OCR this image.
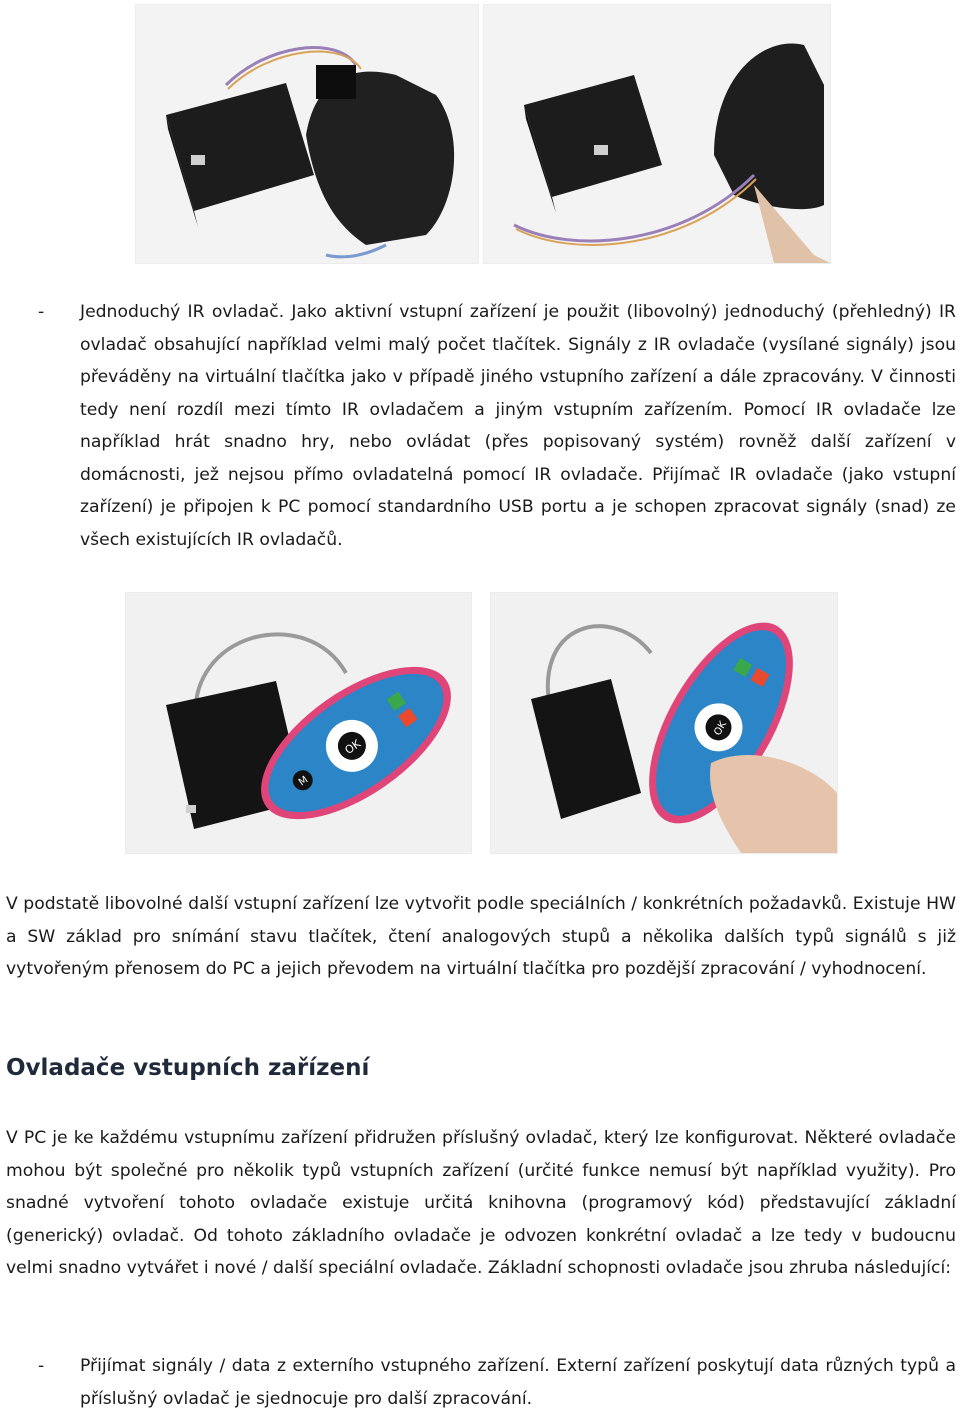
- Jednoduchý IR ovladač. Jako aktivní vstupní zařízení je použit (libovolný) jednoduchý (přehledný) IR ovladač obsahující například velmi malý počet tlačítek. Signály z IR ovladače (vysílané signály) jsou převáděny na virtuální tlačítka jako v případě jiného vstupního zařízení a dále zpracovány. V činnosti tedy není rozdíl mezi tímto IR ovladačem a jiným vstupním zařízením. Pomocí IR ovladače lze například hrát snadno hry, nebo ovládat (přes popisovaný systém) rovněž další zařízení v domácnosti, jež nejsou přímo ovladatelná pomocí IR ovladače. Přijímač IR ovladače (jako vstupní zařízení) je připojen k PC pomocí standardního USB portu a je schopen zpracovat signály (snad) ze všech existujících IR ovladačů.

OK
M
OK

V podstatě libovolné další vstupní zařízení lze vytvořit podle speciálních / konkrétních požadavků. Existuje HW a SW základ pro snímání stavu tlačítek, čtení analogových stupů a několika dalších typů signálů s již vytvořeným přenosem do PC a jejich převodem na virtuální tlačítka pro pozdější zpracování / vyhodnocení.

Ovladače vstupních zařízení

V PC je ke každému vstupnímu zařízení přidružen příslušný ovladač, který lze konfigurovat. Některé ovladače mohou být společné pro několik typů vstupních zařízení (určité funkce nemusí být například využity). Pro snadné vytvoření tohoto ovladače existuje určitá knihovna (programový kód) představující základní (generický) ovladač. Od tohoto základního ovladače je odvozen konkrétní ovladač a lze tedy v budoucnu velmi snadno vytvářet i nové / další speciální ovladače. Základní schopnosti ovladače jsou zhruba následující:

- Přijímat signály / data z externího vstupného zařízení. Externí zařízení poskytují data různých typů a příslušný ovladač je sjednocuje pro další zpracování.
